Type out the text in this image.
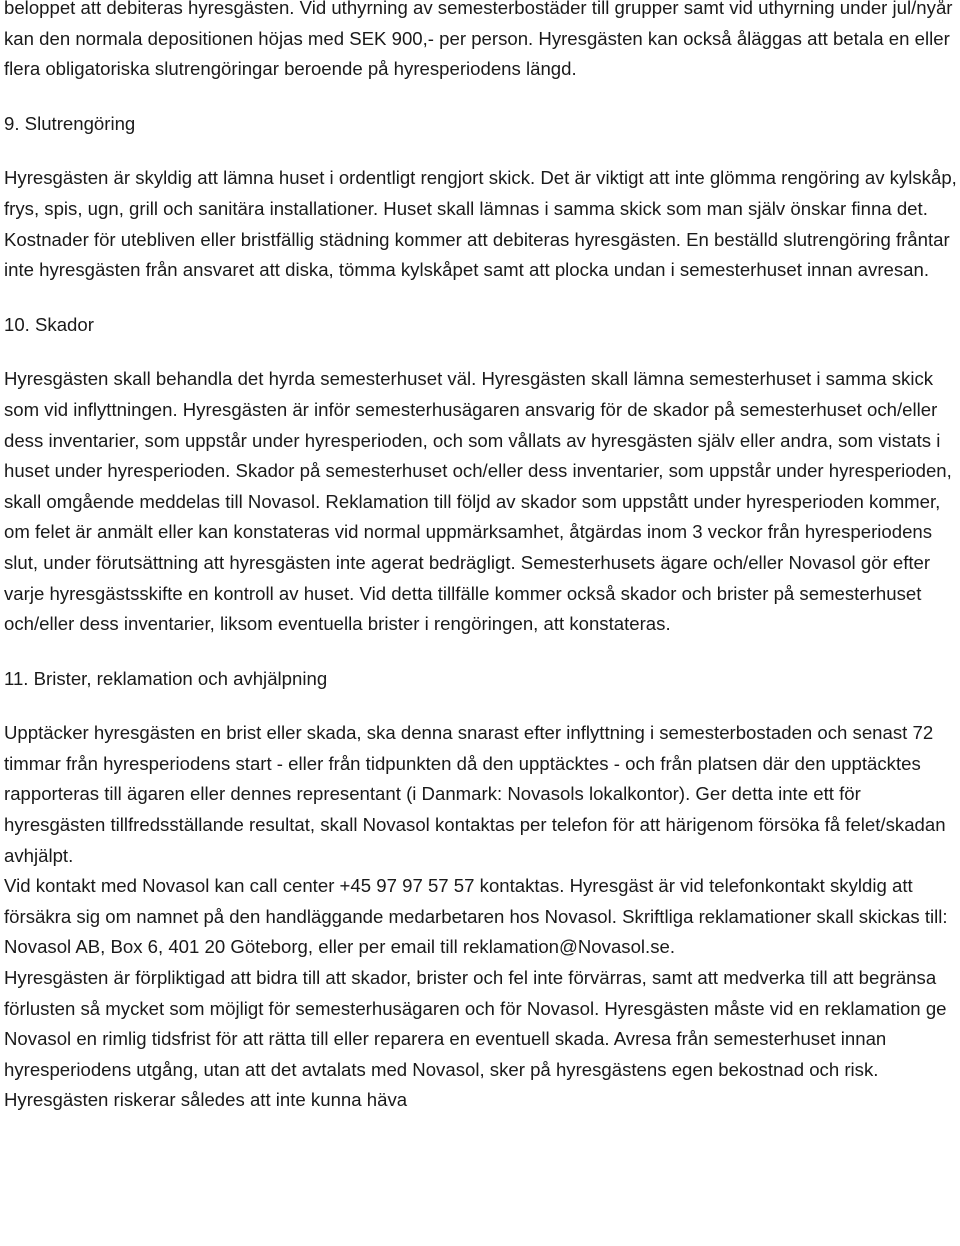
beloppet att debiteras hyresgästen. Vid uthyrning av semesterbostäder till grupper samt vid uthyrning under jul/nyår kan den normala depositionen höjas med SEK 900,- per person. Hyresgästen kan också åläggas att betala en eller flera obligatoriska slutrengöringar beroende på hyresperiodens längd.

9. Slutrengöring

Hyresgästen är skyldig att lämna huset i ordentligt rengjort skick. Det är viktigt att inte glömma rengöring av kylskåp, frys, spis, ugn, grill och sanitära installationer. Huset skall lämnas i samma skick som man själv önskar finna det. Kostnader för utebliven eller bristfällig städning kommer att debiteras hyresgästen. En beställd slutrengöring fråntar inte hyresgästen från ansvaret att diska, tömma kylskåpet samt att plocka undan i semesterhuset innan avresan.

10. Skador

Hyresgästen skall behandla det hyrda semesterhuset väl. Hyresgästen skall lämna semesterhuset i samma skick som vid inflyttningen. Hyresgästen är inför semesterhusägaren ansvarig för de skador på semesterhuset och/eller dess inventarier, som uppstår under hyresperioden, och som vållats av hyresgästen själv eller andra, som vistats i huset under hyresperioden. Skador på semesterhuset och/eller dess inventarier, som uppstår under hyresperioden, skall omgående meddelas till Novasol. Reklamation till följd av skador som uppstått under hyresperioden kommer, om felet är anmält eller kan konstateras vid normal uppmärksamhet, åtgärdas inom 3 veckor från hyresperiodens slut, under förutsättning att hyresgästen inte agerat bedrägligt. Semesterhusets ägare och/eller Novasol gör efter varje hyresgästsskifte en kontroll av huset. Vid detta tillfälle kommer också skador och brister på semesterhuset och/eller dess inventarier, liksom eventuella brister i rengöringen, att konstateras.

11. Brister, reklamation och avhjälpning

Upptäcker hyresgästen en brist eller skada, ska denna snarast efter inflyttning i semesterbostaden och senast 72 timmar från hyresperiodens start - eller från tidpunkten då den upptäcktes - och från platsen där den upptäcktes rapporteras till ägaren eller dennes representant (i Danmark: Novasols lokalkontor). Ger detta inte ett för hyresgästen tillfredsställande resultat, skall Novasol kontaktas per telefon för att härigenom försöka få felet/skadan avhjälpt.

Vid kontakt med Novasol kan call center +45 97 97 57 57 kontaktas. Hyresgäst är vid telefonkontakt skyldig att försäkra sig om namnet på den handläggande medarbetaren hos Novasol. Skriftliga reklamationer skall skickas till: Novasol AB, Box 6, 401 20 Göteborg, eller per email till reklamation@Novasol.se.

Hyresgästen är förpliktigad att bidra till att skador, brister och fel inte förvärras, samt att medverka till att begränsa förlusten så mycket som möjligt för semesterhusägaren och för Novasol. Hyresgästen måste vid en reklamation ge Novasol en rimlig tidsfrist för att rätta till eller reparera en eventuell skada. Avresa från semesterhuset innan hyresperiodens utgång, utan att det avtalats med Novasol, sker på hyresgästens egen bekostnad och risk. Hyresgästen riskerar således att inte kunna häva
